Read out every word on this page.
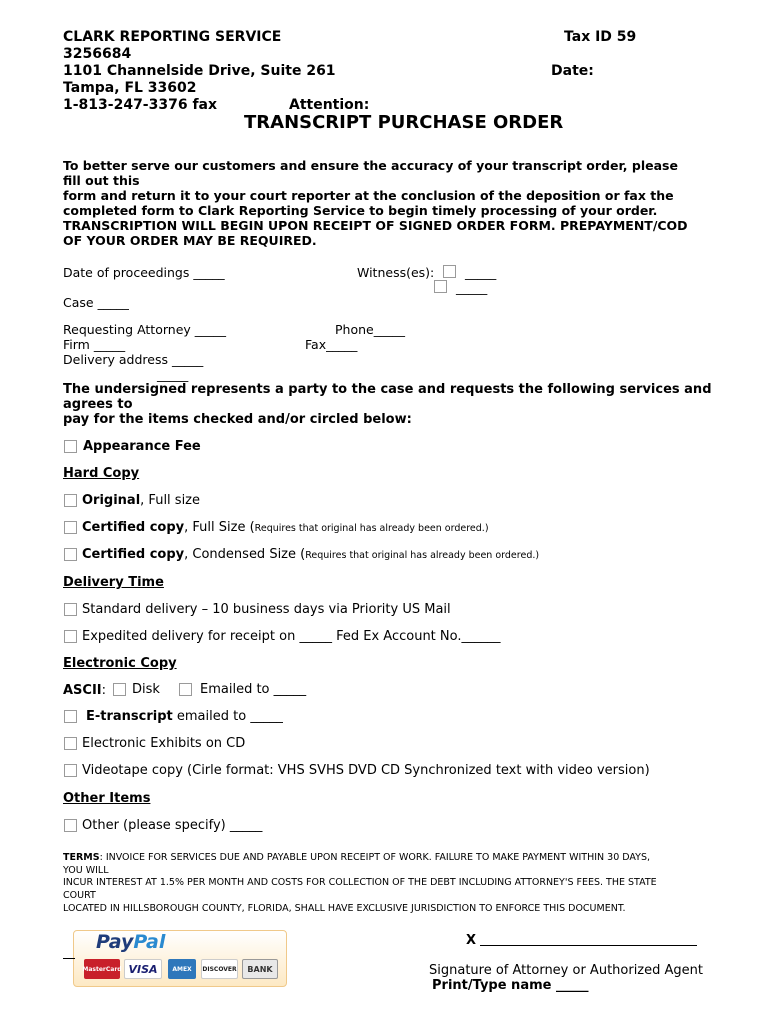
CLARK REPORTING SERVICE
3256684
1101 Channelside Drive, Suite 261
Tampa, FL 33602
1-813-247-3376 fax	Attention:
Tax ID 59
Date:
TRANSCRIPT PURCHASE ORDER
To better serve our customers and ensure the accuracy of your transcript order, please
fill out this
form and return it to your court reporter at the conclusion of the deposition or fax the
completed form to Clark Reporting Service to begin timely processing of your order.
TRANSCRIPTION WILL BEGIN UPON RECEIPT OF SIGNED ORDER FORM. PREPAYMENT/COD
OF YOUR ORDER MAY BE REQUIRED.
Date of proceedings _____	Witness(es): _____
_____
Case _____
Requesting Attorney _____	Phone_____
Firm _____	Fax_____
Delivery address _____
_____
The undersigned represents a party to the case and requests the following services and
agrees to
pay for the items checked and/or circled below:
Appearance Fee
Hard Copy
Original, Full size
Certified copy, Full Size (Requires that original has already been ordered.)
Certified copy, Condensed Size (Requires that original has already been ordered.)
Delivery Time
Standard delivery – 10 business days via Priority US Mail
Expedited delivery for receipt on _____ Fed Ex Account No.______
Electronic Copy
ASCII: Disk	Emailed to _____
E-transcript emailed to _____
Electronic Exhibits on CD
Videotape copy (Cirle format: VHS SVHS DVD CD Synchronized text with video version)
Other Items
Other (please specify) _____
TERMS: INVOICE FOR SERVICES DUE AND PAYABLE UPON RECEIPT OF WORK. FAILURE TO MAKE PAYMENT WITHIN 30 DAYS,
YOU WILL
INCUR INTEREST AT 1.5% PER MONTH AND COSTS FOR COLLECTION OF THE DEBT INCLUDING ATTORNEY'S FEES. THE STATE
COURT
LOCATED IN HILLSBOROUGH COUNTY, FLORIDA, SHALL HAVE EXCLUSIVE JURISDICTION TO ENFORCE THIS DOCUMENT.
PayPal
MasterCard VISA	AMEX	DISCOVER	BANK
X
Signature of Attorney or Authorized Agent
Print/Type name _____
